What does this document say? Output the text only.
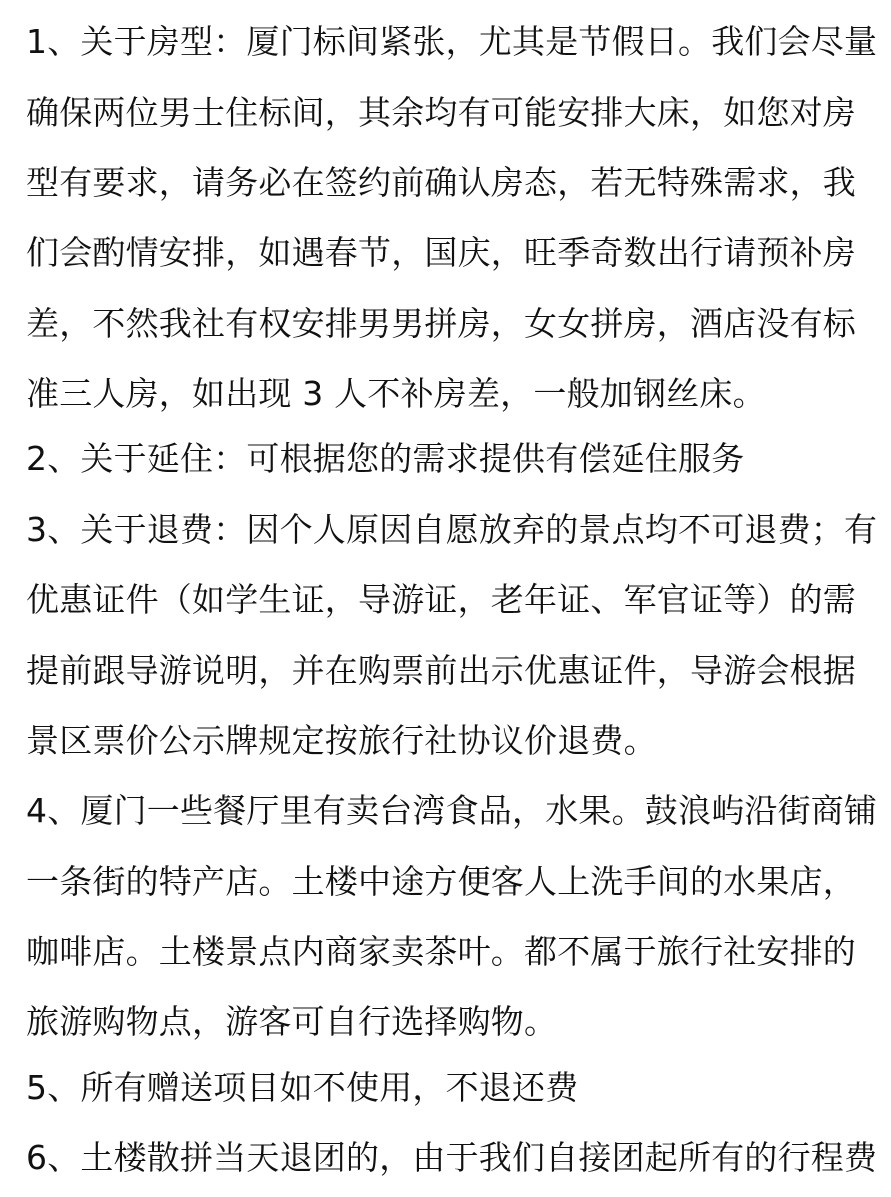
1、关于房型：厦门标间紧张，尤其是节假日。我们会尽量
确保两位男士住标间，其余均有可能安排大床，如您对房
型有要求，请务必在签约前确认房态，若无特殊需求，我
们会酌情安排，如遇春节，国庆，旺季奇数出行请预补房
差，不然我社有权安排男男拼房，女女拼房，酒店没有标
准三人房，如出现 3 人不补房差，一般加钢丝床。
2、关于延住：可根据您的需求提供有偿延住服务
3、关于退费：因个人原因自愿放弃的景点均不可退费；有
优惠证件（如学生证，导游证，老年证、军官证等）的需
提前跟导游说明，并在购票前出示优惠证件，导游会根据
景区票价公示牌规定按旅行社协议价退费。
4、厦门一些餐厅里有卖台湾食品，水果。鼓浪屿沿街商铺
一条街的特产店。土楼中途方便客人上洗手间的水果店，
咖啡店。土楼景点内商家卖茶叶。都不属于旅行社安排的
旅游购物点，游客可自行选择购物。
5、所有赠送项目如不使用，不退还费
6、土楼散拼当天退团的，由于我们自接团起所有的行程费
